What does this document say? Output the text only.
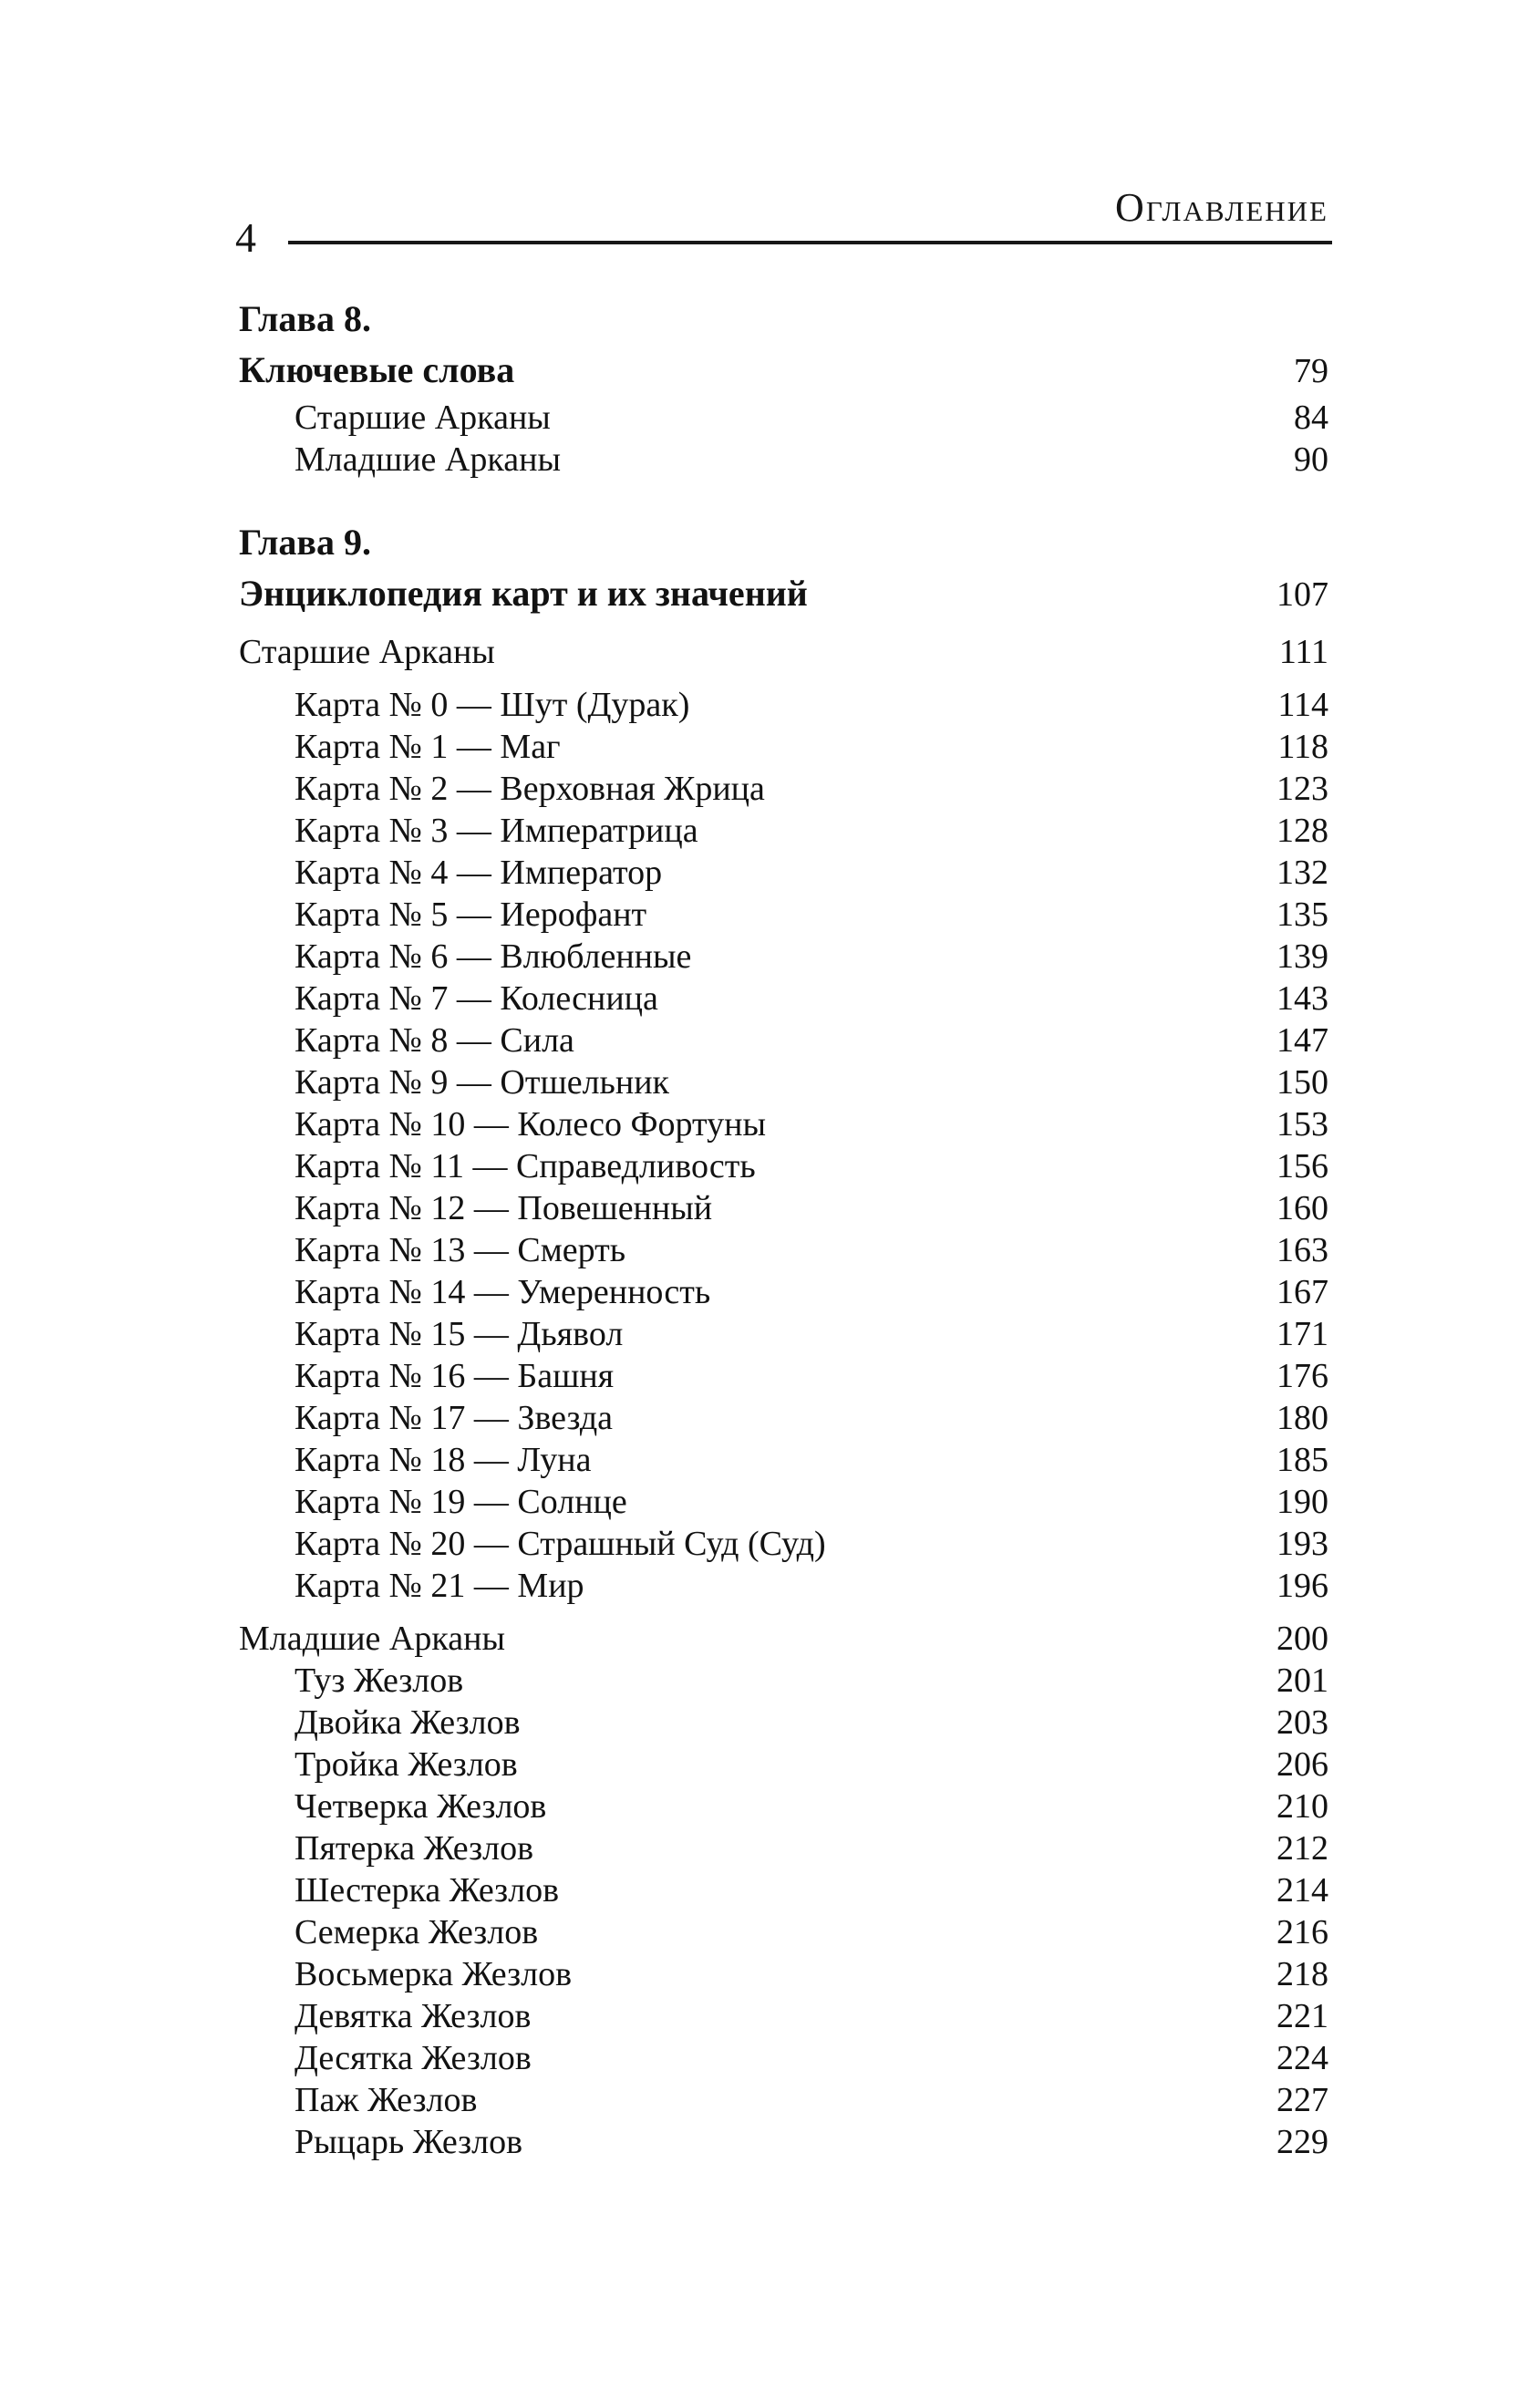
Оглавление
4
Глава 8.
Ключевые слова	79
Старшие Арканы	84
Младшие Арканы	90
Глава 9.
Энциклопедия карт и их значений	107
Старшие Арканы	111
Карта № 0 — Шут (Дурак)	114
Карта № 1 — Маг	118
Карта № 2 — Верховная Жрица	123
Карта № 3 — Императрица	128
Карта № 4 — Император	132
Карта № 5 — Иерофант	135
Карта № 6 — Влюбленные	139
Карта № 7 — Колесница	143
Карта № 8 — Сила	147
Карта № 9 — Отшельник	150
Карта № 10 — Колесо Фортуны	153
Карта № 11 — Справедливость	156
Карта № 12 — Повешенный	160
Карта № 13 — Смерть	163
Карта № 14 — Умеренность	167
Карта № 15 — Дьявол	171
Карта № 16 — Башня	176
Карта № 17 — Звезда	180
Карта № 18 — Луна	185
Карта № 19 — Солнце	190
Карта № 20 — Страшный Суд (Суд)	193
Карта № 21 — Мир	196
Младшие Арканы	200
Туз Жезлов	201
Двойка Жезлов	203
Тройка Жезлов	206
Четверка Жезлов	210
Пятерка Жезлов	212
Шестерка Жезлов	214
Семерка Жезлов	216
Восьмерка Жезлов	218
Девятка Жезлов	221
Десятка Жезлов	224
Паж Жезлов	227
Рыцарь Жезлов	229
